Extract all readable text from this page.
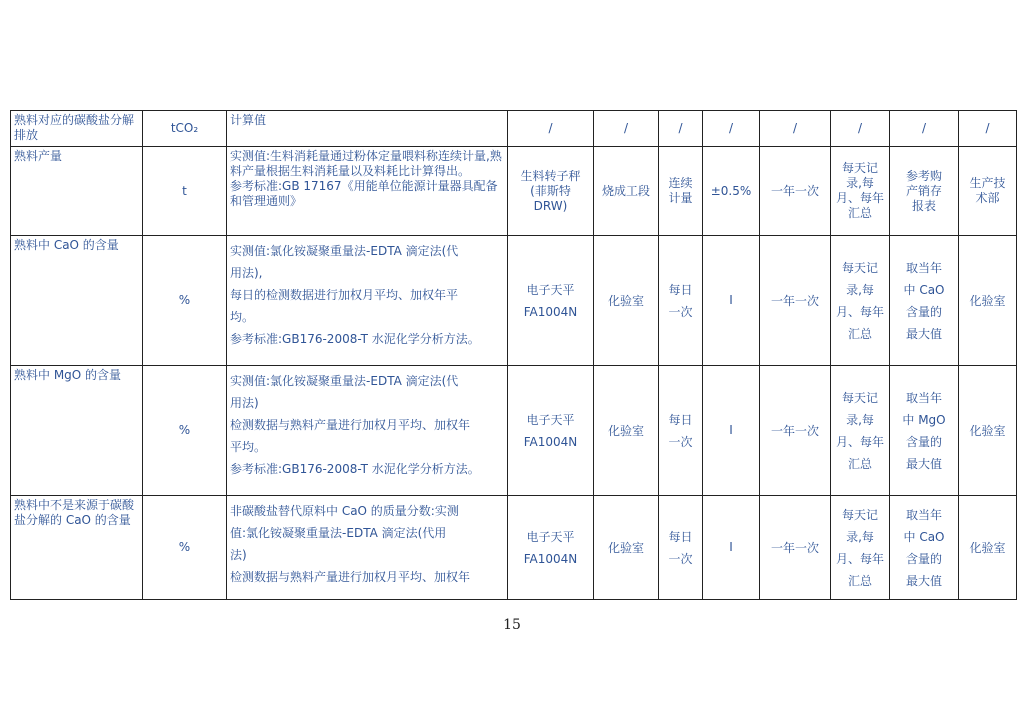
熟料对应的碳酸盐分解排放	tCO₂	计算值	/	/	/	/	/	/	/	/

熟料产量	t	实测值:生料消耗量通过粉体定量喂料称连续计量,熟料产量根据生料消耗量以及料耗比计算得出。
参考标准:GB 17167《用能单位能源计量器具配备和管理通则》	生料转子秤
(菲斯特
DRW)	烧成工段	连续
计量	±0.5%	一年一次	每天记
录,每
月、每年
汇总	参考购
产销存
报表	生产技
术部

熟料中 CaO 的含量	%	实测值:氯化铵凝聚重量法-EDTA 滴定法(代
用法),
每日的检测数据进行加权月平均、加权年平
均。
参考标准:GB176-2008-T 水泥化学分析方法。	电子天平
FA1004N	化验室	每日
一次	I	一年一次	每天记
录,每
月、每年
汇总	取当年
中 CaO
含量的
最大值	化验室

熟料中 MgO 的含量	%	实测值:氯化铵凝聚重量法-EDTA 滴定法(代
用法)
检测数据与熟料产量进行加权月平均、加权年
平均。
参考标准:GB176-2008-T 水泥化学分析方法。	电子天平
FA1004N	化验室	每日
一次	I	一年一次	每天记
录,每
月、每年
汇总	取当年
中 MgO
含量的
最大值	化验室

熟料中不是来源于碳酸盐分解的 CaO 的含量	%	非碳酸盐替代原料中 CaO 的质量分数:实测
值:氯化铵凝聚重量法-EDTA 滴定法(代用
法)
检测数据与熟料产量进行加权月平均、加权年	电子天平
FA1004N	化验室	每日
一次	I	一年一次	每天记
录,每
月、每年
汇总	取当年
中 CaO
含量的
最大值	化验室
15
